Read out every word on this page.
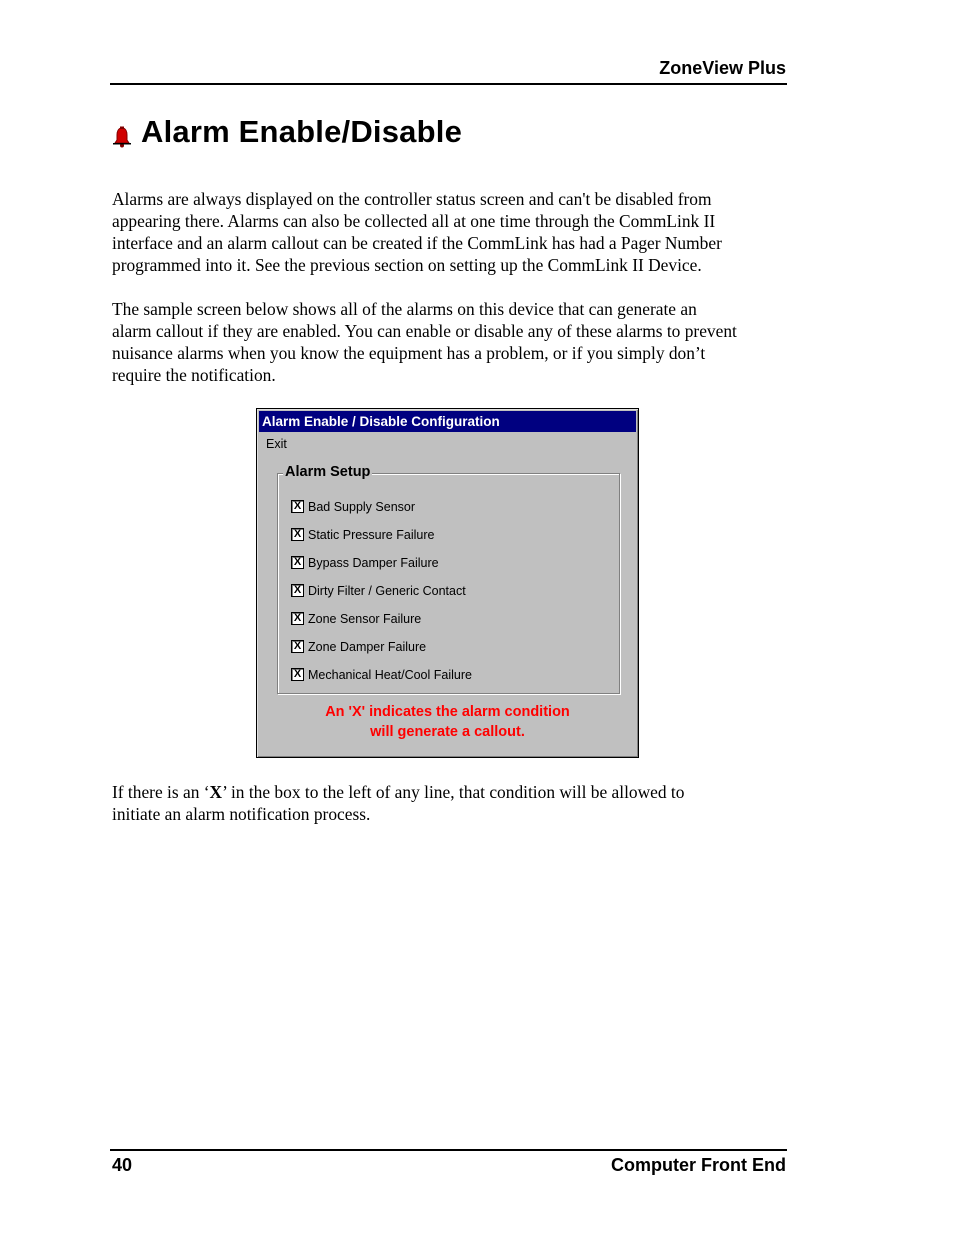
ZoneView Plus
Alarm Enable/Disable
Alarms are always displayed on the controller status screen and can't be disabled from
appearing there. Alarms can also be collected all at one time through the CommLink II
interface and an alarm callout can be created if the CommLink has had a Pager Number
programmed into it. See the previous section on setting up the CommLink II Device.
The sample screen below shows all of the alarms on this device that can generate an
alarm callout if they are enabled. You can enable or disable any of these alarms to prevent
nuisance alarms when you know the equipment has a problem, or if you simply don’t
require the notification.
Alarm Enable / Disable Configuration
Exit
Alarm Setup
X Bad Supply Sensor
X Static Pressure Failure
X Bypass Damper Failure
X Dirty Filter / Generic Contact
X Zone Sensor Failure
X Zone Damper Failure
X Mechanical Heat/Cool Failure
An 'X' indicates the alarm condition
will generate a callout.
If there is an ‘X’ in the box to the left of any line, that condition will be allowed to
initiate an alarm notification process.
40	Computer Front End
